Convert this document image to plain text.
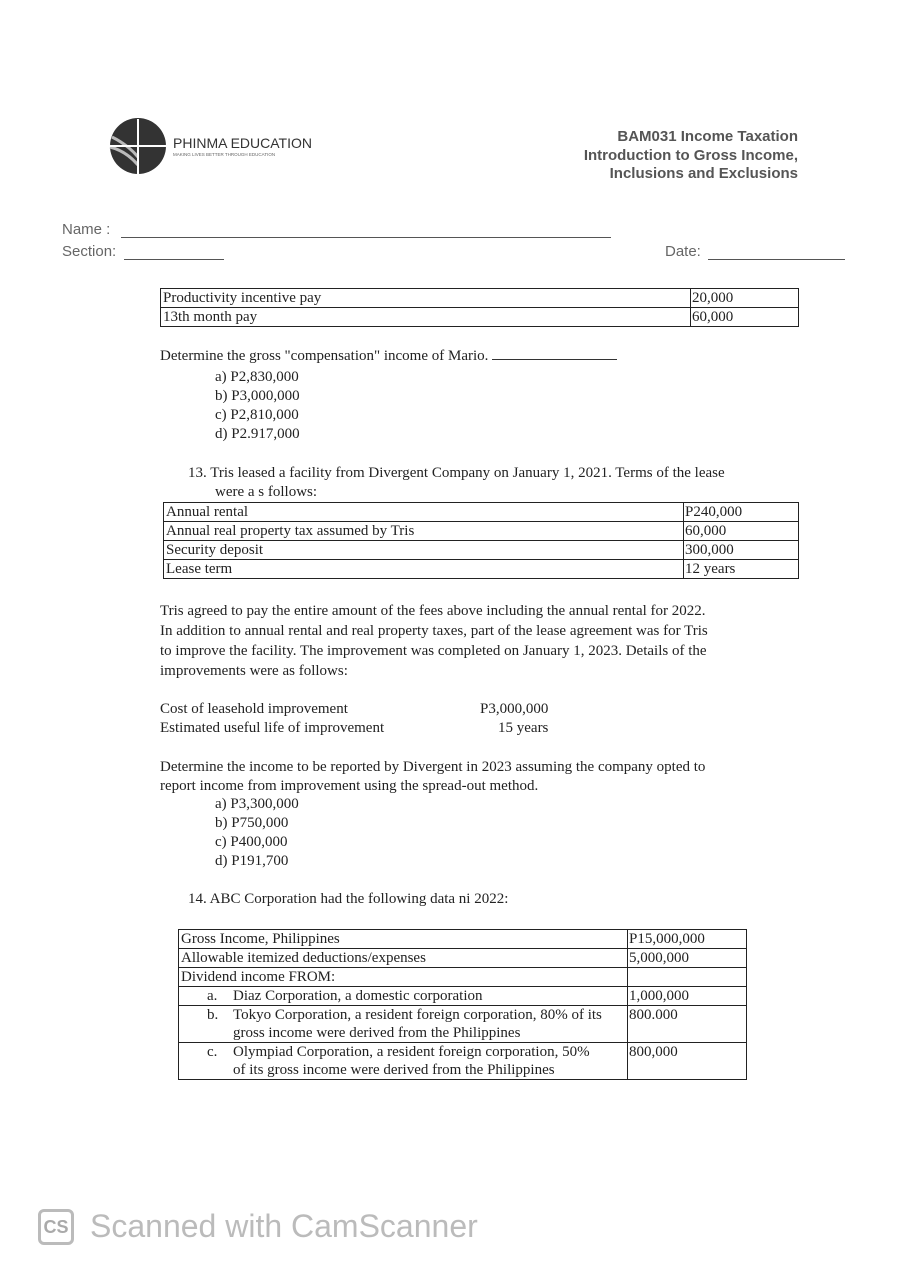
PHINMA EDUCATION
MAKING LIVES BETTER THROUGH EDUCATION
BAM031 Income Taxation
Introduction to Gross Income,
Inclusions and Exclusions
Name :
Section:	Date:
Productivity incentive pay	20,000
13th month pay	60,000
Determine the gross "compensation" income of Mario.
a) P2,830,000
b) P3,000,000
c) P2,810,000
d) P2.917,000
13. Tris leased a facility from Divergent Company on January 1, 2021. Terms of the lease
were a s follows:
Annual rental	P240,000
Annual real property tax assumed by Tris	60,000
Security deposit	300,000
Lease term	12 years
Tris agreed to pay the entire amount of the fees above including the annual rental for 2022.
In addition to annual rental and real property taxes, part of the lease agreement was for Tris
to improve the facility. The improvement was completed on January 1, 2023. Details of the
improvements were as follows:
Cost of leasehold improvement	P3,000,000
Estimated useful life of improvement	15 years
Determine the income to be reported by Divergent in 2023 assuming the company opted to
report income from improvement using the spread-out method.
a) P3,300,000
b) P750,000
c) P400,000
d) P191,700
14. ABC Corporation had the following data ni 2022:
Gross Income, Philippines	P15,000,000
Allowable itemized deductions/expenses	5,000,000
Dividend income FROM:	

a. Diaz Corporation, a domestic corporation	1,000,000

b. Tokyo Corporation, a resident foreign corporation, 80% of its gross income were derived from the Philippines	800.000

c. Olympiad Corporation, a resident foreign corporation, 50% of its gross income were derived from the Philippines	800,000
CS Scanned with CamScanner
